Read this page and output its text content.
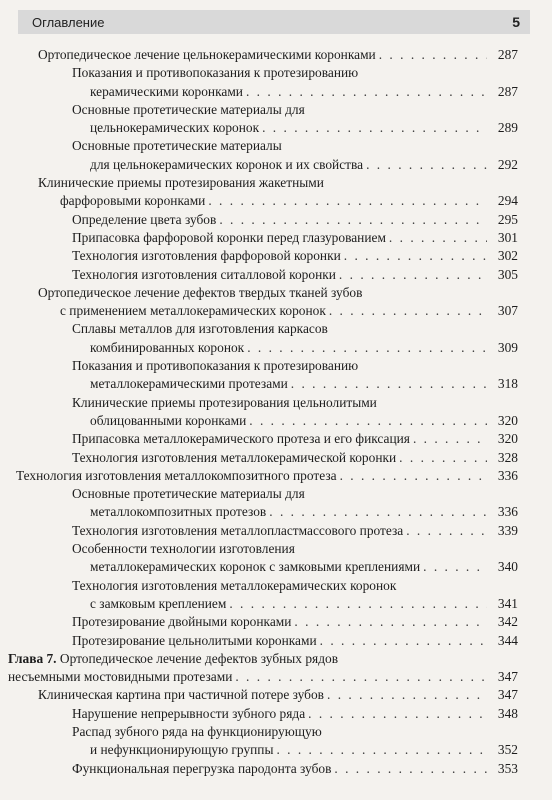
Оглавление	5
Ортопедическое лечение цельнокерамическими коронками . . .	287
Показания и противопоказания к протезированию
керамическими коронками . . .	287
Основные протетические материалы для
цельнокерамических коронок . . .	289
Основные протетические материалы
для цельнокерамических коронок и их свойства . . .	292
Клинические приемы протезирования жакетными
фарфоровыми коронками . . .	294
Определение цвета зубов . . .	295
Припасовка фарфоровой коронки перед глазурованием . . .	301
Технология изготовления фарфоровой коронки . . .	302
Технология изготовления ситалловой коронки . . .	305
Ортопедическое лечение дефектов твердых тканей зубов
с применением металлокерамических коронок . . .	307
Сплавы металлов для изготовления каркасов
комбинированных коронок . . .	309
Показания и противопоказания к протезированию
металлокерамическими протезами . . .	318
Клинические приемы протезирования цельнолитыми
облицованными коронками . . .	320
Припасовка металлокерамического протеза и его фиксация . . .	320
Технология изготовления металлокерамической коронки . . .	328
Технология изготовления металлокомпозитного протеза . . .	336
Основные протетические материалы для
металлокомпозитных протезов . . .	336
Технология изготовления металлопластмассового протеза . . .	339
Особенности технологии изготовления
металлокерамических коронок с замковыми креплениями . . .	340
Технология изготовления металлокерамических коронок
с замковым креплением . . .	341
Протезирование двойными коронками . . .	342
Протезирование цельнолитыми коронками . . .	344
Глава 7. Ортопедическое лечение дефектов зубных рядов
несъемными мостовидными протезами . . .	347
Клиническая картина при частичной потере зубов . . .	347
Нарушение непрерывности зубного ряда . . .	348
Распад зубного ряда на функционирующую
и нефункционирующую группы . . .	352
Функциональная перегрузка пародонта зубов . . .	353
